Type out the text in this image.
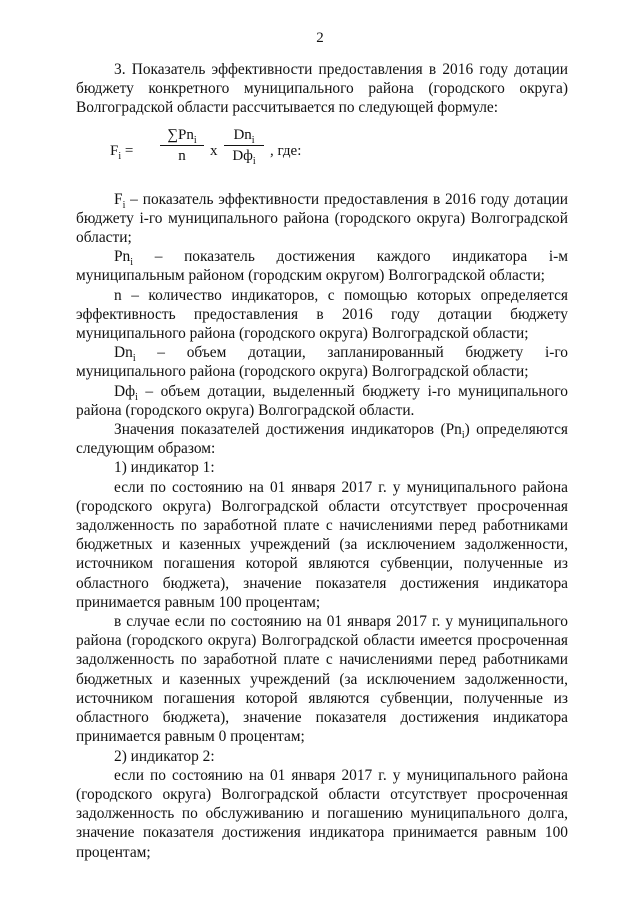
2

3. Показатель эффективности предоставления в 2016 году дотации бюджету конкретного муниципального района (городского округа) Волгоградской области рассчитывается по следующей формуле:

$F_i$ =
$\sum Pn_i$
n	x
$Dn_i$
$Dф_i$
, где:

$F_i$ – показатель эффективности предоставления в 2016 году дотации бюджету i-го муниципального района (городского округа) Волгоградской области;

$Pn_i$ – показатель достижения каждого индикатора i-м муниципальным районом (городским округом) Волгоградской области;

n – количество индикаторов, с помощью которых определяется эффективность предоставления в 2016 году дотации бюджету муниципального района (городского округа) Волгоградской области;

$Dn_i$ – объем дотации, запланированный бюджету i-го муниципального района (городского округа) Волгоградской области;

$Dф_i$ – объем дотации, выделенный бюджету i-го муниципального района (городского округа) Волгоградской области.

Значения показателей достижения индикаторов $(Pn_i)$ определяются следующим образом:

1) индикатор 1:

если по состоянию на 01 января 2017 г. у муниципального района (городского округа) Волгоградской области отсутствует просроченная задолженность по заработной плате с начислениями перед работниками бюджетных и казенных учреждений (за исключением задолженности, источником погашения которой являются субвенции, полученные из областного бюджета), значение показателя достижения индикатора принимается равным 100 процентам;

в случае если по состоянию на 01 января 2017 г. у муниципального района (городского округа) Волгоградской области имеется просроченная задолженность по заработной плате с начислениями перед работниками бюджетных и казенных учреждений (за исключением задолженности, источником погашения которой являются субвенции, полученные из областного бюджета), значение показателя достижения индикатора принимается равным 0 процентам;

2) индикатор 2:

если по состоянию на 01 января 2017 г. у муниципального района (городского округа) Волгоградской области отсутствует просроченная задолженность по обслуживанию и погашению муниципального долга, значение показателя достижения индикатора принимается равным 100 процентам;
